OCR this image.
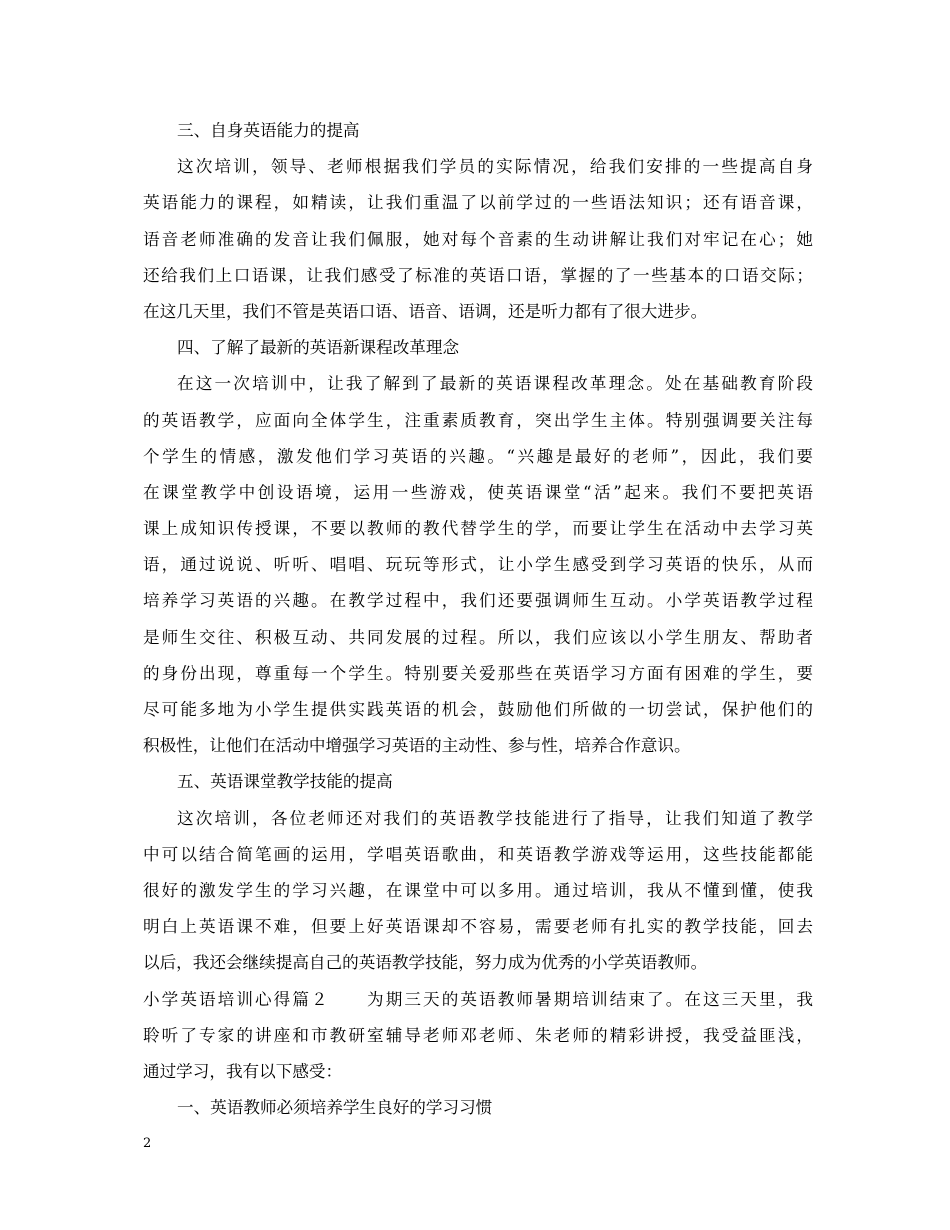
三、自身英语能力的提高
这次培训，领导、老师根据我们学员的实际情况，给我们安排的一些提高自身
英语能力的课程，如精读，让我们重温了以前学过的一些语法知识；还有语音课，
语音老师准确的发音让我们佩服，她对每个音素的生动讲解让我们对牢记在心；她
还给我们上口语课，让我们感受了标准的英语口语，掌握的了一些基本的口语交际；
在这几天里，我们不管是英语口语、语音、语调，还是听力都有了很大进步。
四、了解了最新的英语新课程改革理念
在这一次培训中，让我了解到了最新的英语课程改革理念。处在基础教育阶段
的英语教学，应面向全体学生，注重素质教育，突出学生主体。特别强调要关注每
个学生的情感，激发他们学习英语的兴趣。“兴趣是最好的老师”，因此，我们要
在课堂教学中创设语境，运用一些游戏，使英语课堂“活”起来。我们不要把英语
课上成知识传授课，不要以教师的教代替学生的学，而要让学生在活动中去学习英
语，通过说说、听听、唱唱、玩玩等形式，让小学生感受到学习英语的快乐，从而
培养学习英语的兴趣。在教学过程中，我们还要强调师生互动。小学英语教学过程
是师生交往、积极互动、共同发展的过程。所以，我们应该以小学生朋友、帮助者
的身份出现，尊重每一个学生。特别要关爱那些在英语学习方面有困难的学生，要
尽可能多地为小学生提供实践英语的机会，鼓励他们所做的一切尝试，保护他们的
积极性，让他们在活动中增强学习英语的主动性、参与性，培养合作意识。
五、英语课堂教学技能的提高
这次培训，各位老师还对我们的英语教学技能进行了指导，让我们知道了教学
中可以结合简笔画的运用，学唱英语歌曲，和英语教学游戏等运用，这些技能都能
很好的激发学生的学习兴趣，在课堂中可以多用。通过培训，我从不懂到懂，使我
明白上英语课不难，但要上好英语课却不容易，需要老师有扎实的教学技能，回去
以后，我还会继续提高自己的英语教学技能，努力成为优秀的小学英语教师。
小学英语培训心得篇２　　为期三天的英语教师暑期培训结束了。在这三天里，我
聆听了专家的讲座和市教研室辅导老师邓老师、朱老师的精彩讲授，我受益匪浅，
通过学习，我有以下感受：
一、英语教师必须培养学生良好的学习习惯
2
